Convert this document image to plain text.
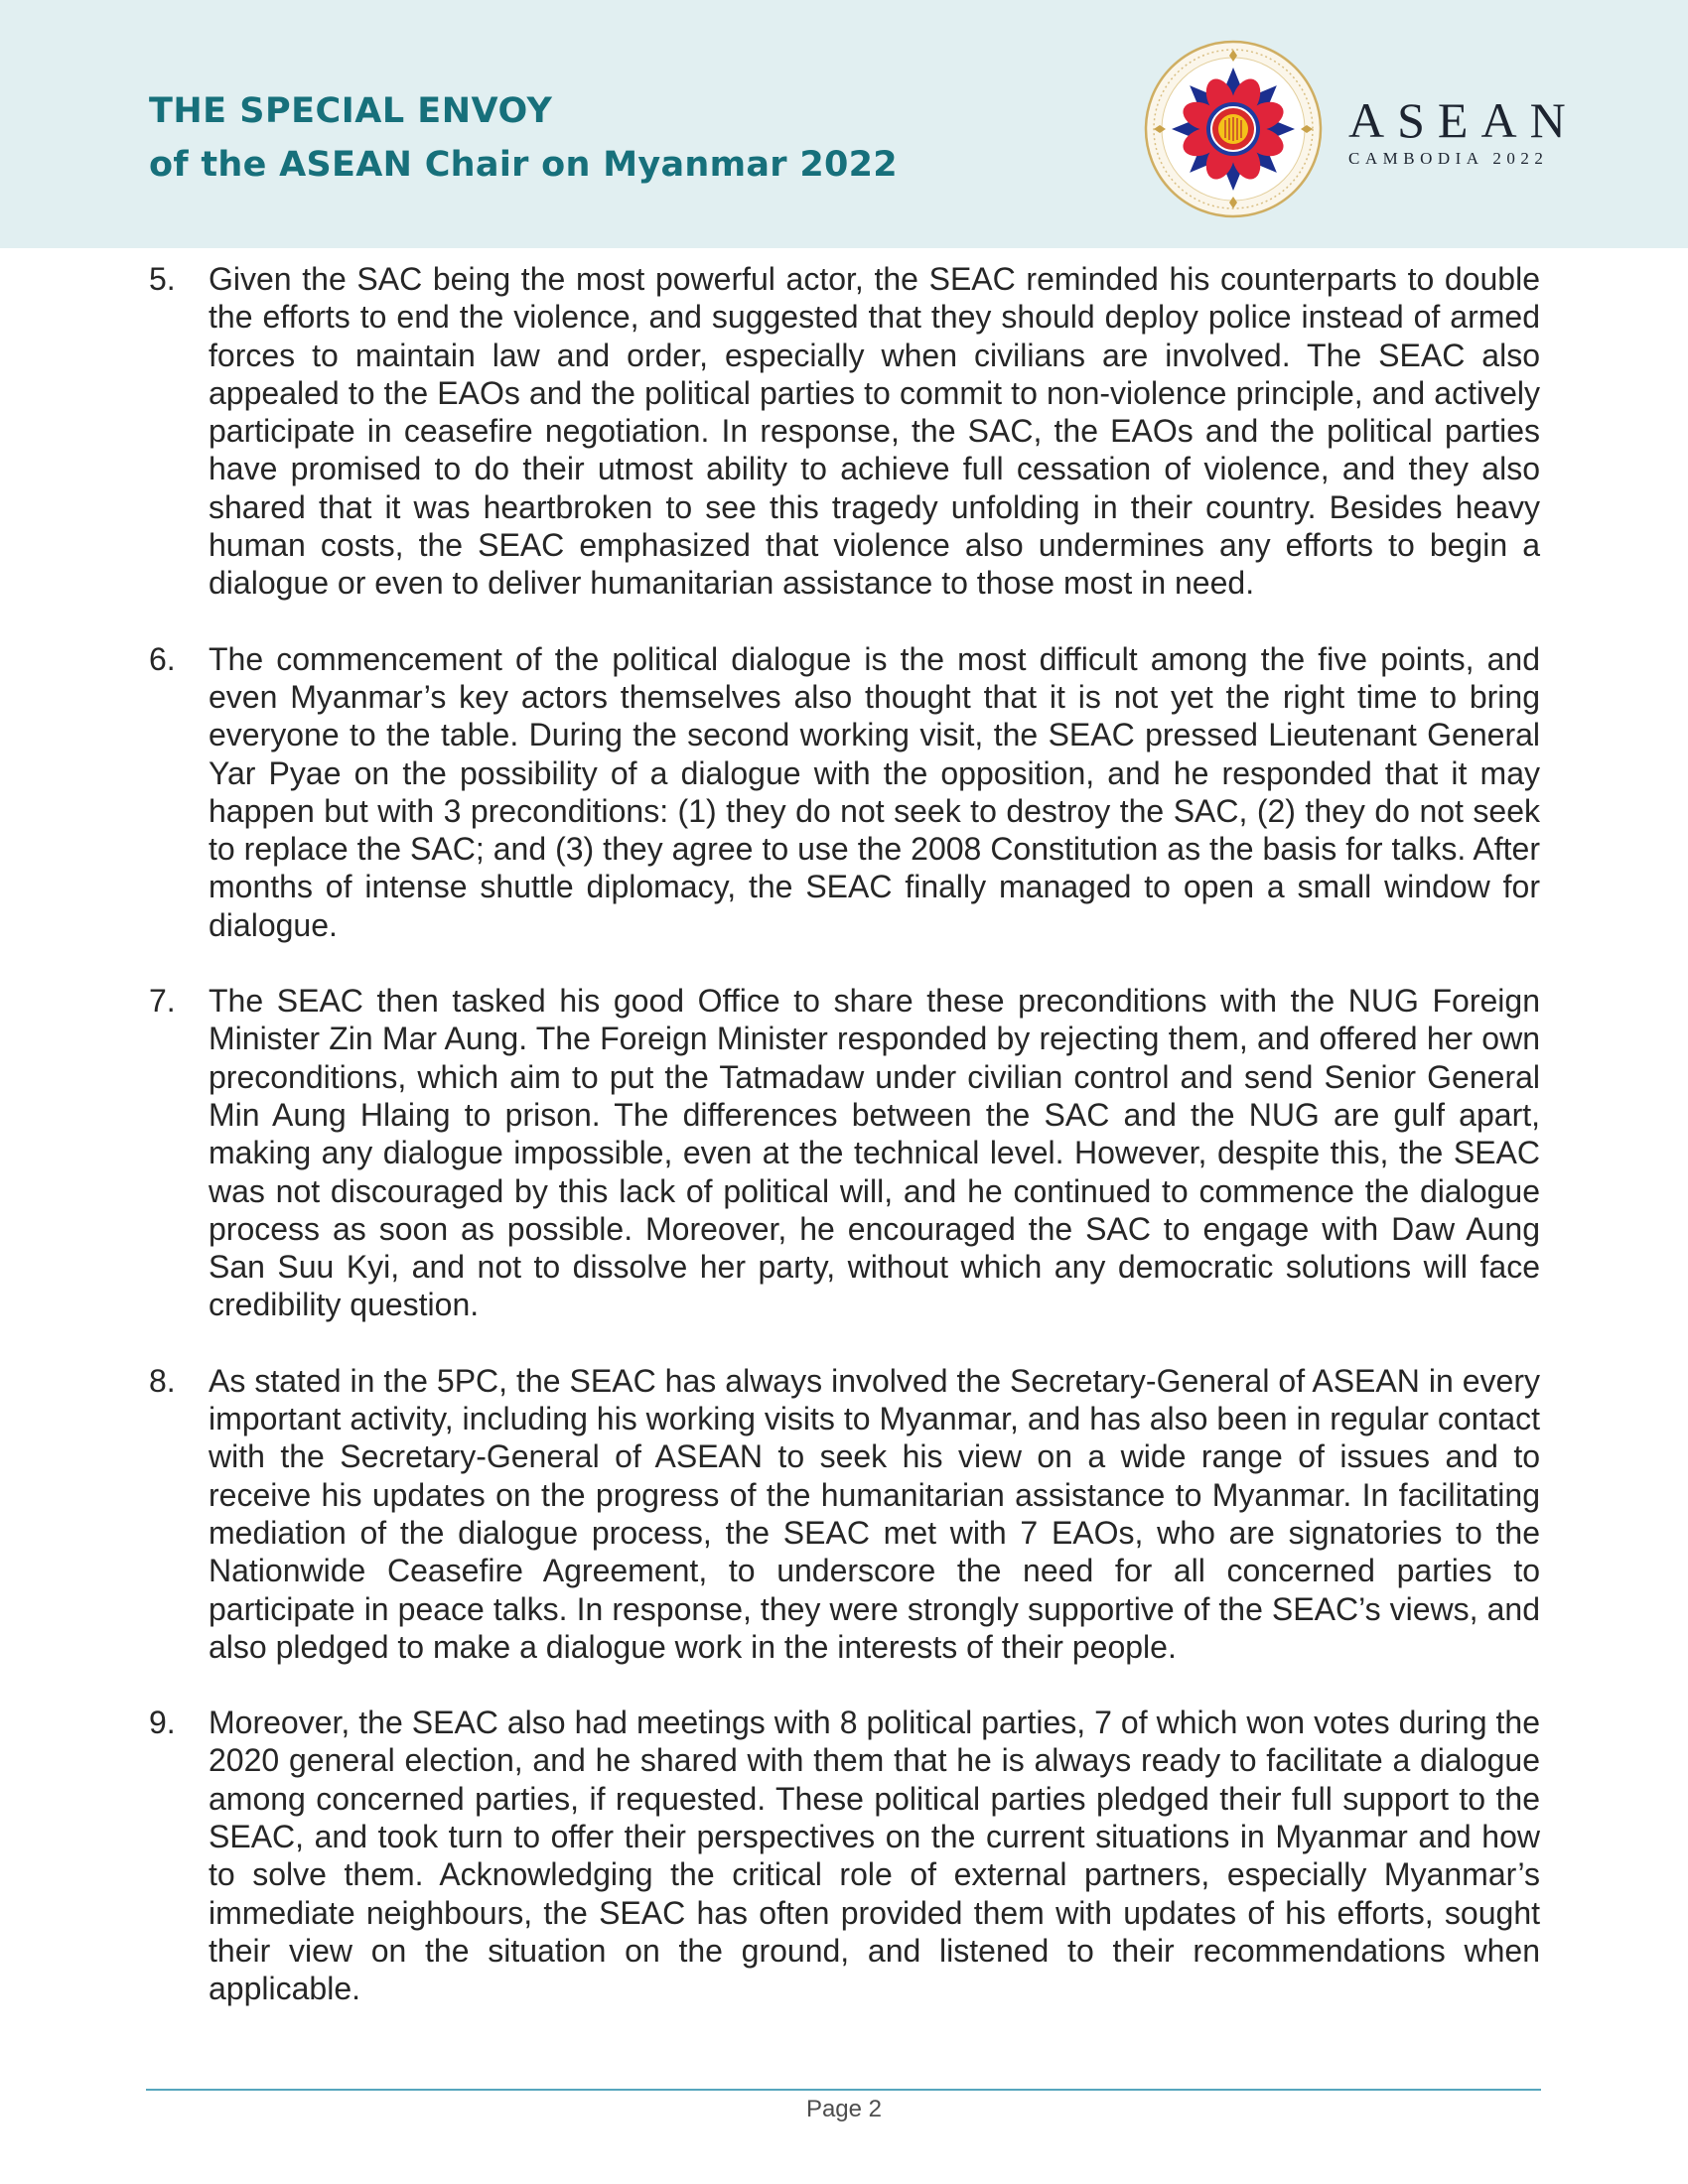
THE SPECIAL ENVOY
of the ASEAN Chair on Myanmar 2022

ASEAN

CAMBODIA 2022

5.	Given the SAC being the most powerful actor, the SEAC reminded his counterparts to double the efforts to end the violence, and suggested that they should deploy police instead of armed forces to maintain law and order, especially when civilians are involved. The SEAC also appealed to the EAOs and the political parties to commit to non-violence principle, and actively participate in ceasefire negotiation. In response, the SAC, the EAOs and the political parties have promised to do their utmost ability to achieve full cessation of violence, and they also shared that it was heartbroken to see this tragedy unfolding in their country. Besides heavy human costs, the SEAC emphasized that violence also undermines any efforts to begin a dialogue or even to deliver humanitarian assistance to those most in need.
6.	The commencement of the political dialogue is the most difficult among the five points, and even Myanmar’s key actors themselves also thought that it is not yet the right time to bring everyone to the table. During the second working visit, the SEAC pressed Lieutenant General Yar Pyae on the possibility of a dialogue with the opposition, and he responded that it may happen but with 3 preconditions: (1) they do not seek to destroy the SAC, (2) they do not seek to replace the SAC; and (3) they agree to use the 2008 Constitution as the basis for talks. After months of intense shuttle diplomacy, the SEAC finally managed to open a small window for dialogue.
7.	The SEAC then tasked his good Office to share these preconditions with the NUG Foreign Minister Zin Mar Aung. The Foreign Minister responded by rejecting them, and offered her own preconditions, which aim to put the Tatmadaw under civilian control and send Senior General Min Aung Hlaing to prison. The differences between the SAC and the NUG are gulf apart, making any dialogue impossible, even at the technical level. However, despite this, the SEAC was not discouraged by this lack of political will, and he continued to commence the dialogue process as soon as possible. Moreover, he encouraged the SAC to engage with Daw Aung San Suu Kyi, and not to dissolve her party, without which any democratic solutions will face credibility question.
8.	As stated in the 5PC, the SEAC has always involved the Secretary-General of ASEAN in every important activity, including his working visits to Myanmar, and has also been in regular contact with the Secretary-General of ASEAN to seek his view on a wide range of issues and to receive his updates on the progress of the humanitarian assistance to Myanmar. In facilitating mediation of the dialogue process, the SEAC met with 7 EAOs, who are signatories to the Nationwide Ceasefire Agreement, to underscore the need for all concerned parties to participate in peace talks. In response, they were strongly supportive of the SEAC’s views, and also pledged to make a dialogue work in the interests of their people.
9.	Moreover, the SEAC also had meetings with 8 political parties, 7 of which won votes during the 2020 general election, and he shared with them that he is always ready to facilitate a dialogue among concerned parties, if requested. These political parties pledged their full support to the SEAC, and took turn to offer their perspectives on the current situations in Myanmar and how to solve them. Acknowledging the critical role of external partners, especially Myanmar’s immediate neighbours, the SEAC has often provided them with updates of his efforts, sought their view on the situation on the ground, and listened to their recommendations when applicable.
Page 2
